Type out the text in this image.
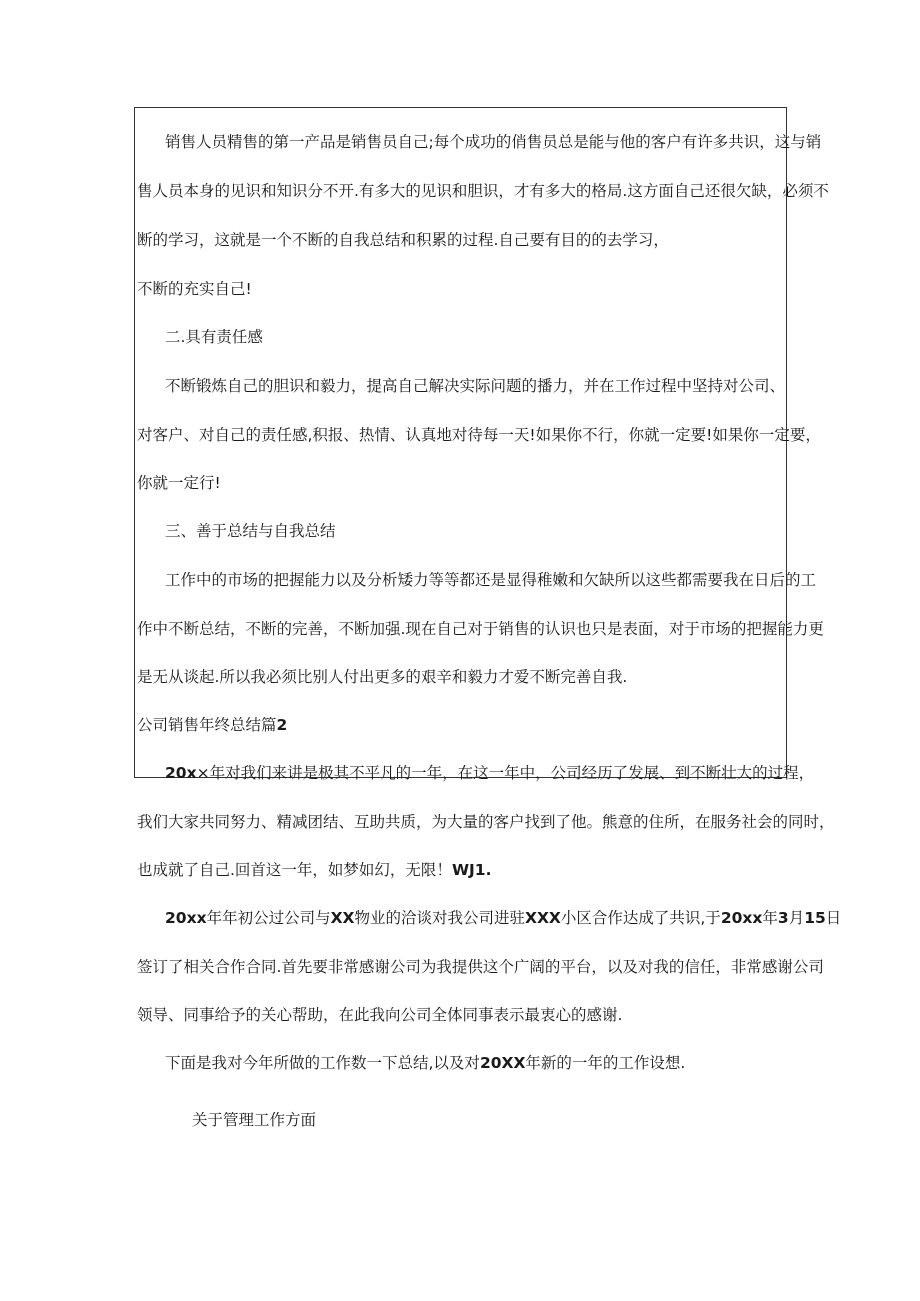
销售人员精售的第一产品是销售员自己;每个成功的俏售员总是能与他的客户有许多共识，这与销

售人员本身的见识和知识分不开.有多大的见识和胆识，才有多大的格局.这方面自己还很欠缺，必须不

断的学习，这就是一个不断的自我总结和积累的过程.自己要有目的的去学习，

不断的充实自己!

二.具有责任感

不断锻炼自己的胆识和毅力，提高自己解决实际问题的播力，并在工作过程中坚持对公司、

对客户、对自己的责任感,积报、热情、认真地对待每一天!如果你不行，你就一定要!如果你一定要，

你就一定行!

三、善于总结与自我总结

工作中的市场的把握能力以及分析矮力等等都还是显得稚嫩和欠缺所以这些都需要我在日后的工

作中不断总结，不断的完善，不断加强.现在自己对于销售的认识也只是表面，对于市场的把握能力更

是无从谈起.所以我必须比别人付出更多的艰辛和毅力才爱不断完善自我.

公司销售年终总结篇2

20x×年对我们来讲是极其不平凡的一年，在这一年中，公司经历了发展、到不断壮大的过程，

我们大家共同努力、精减团结、互助共质，为大量的客户找到了他。熊意的住所，在服务社会的同时，

也成就了自己.回首这一年，如梦如幻，无限！WJ1.

20xx年年初公过公司与XX物业的洽谈对我公司进驻XXX小区合作达成了共识,于20xx年3月15日

签订了相关合作合同.首先要非常感谢公司为我提供这个广阔的平台，以及对我的信任，非常感谢公司

领导、同事给予的关心帮助，在此我向公司全体同事表示最衷心的感谢.

下面是我对今年所做的工作数一下总结,以及对20XX年新的一年的工作设想.

关于管理工作方面
